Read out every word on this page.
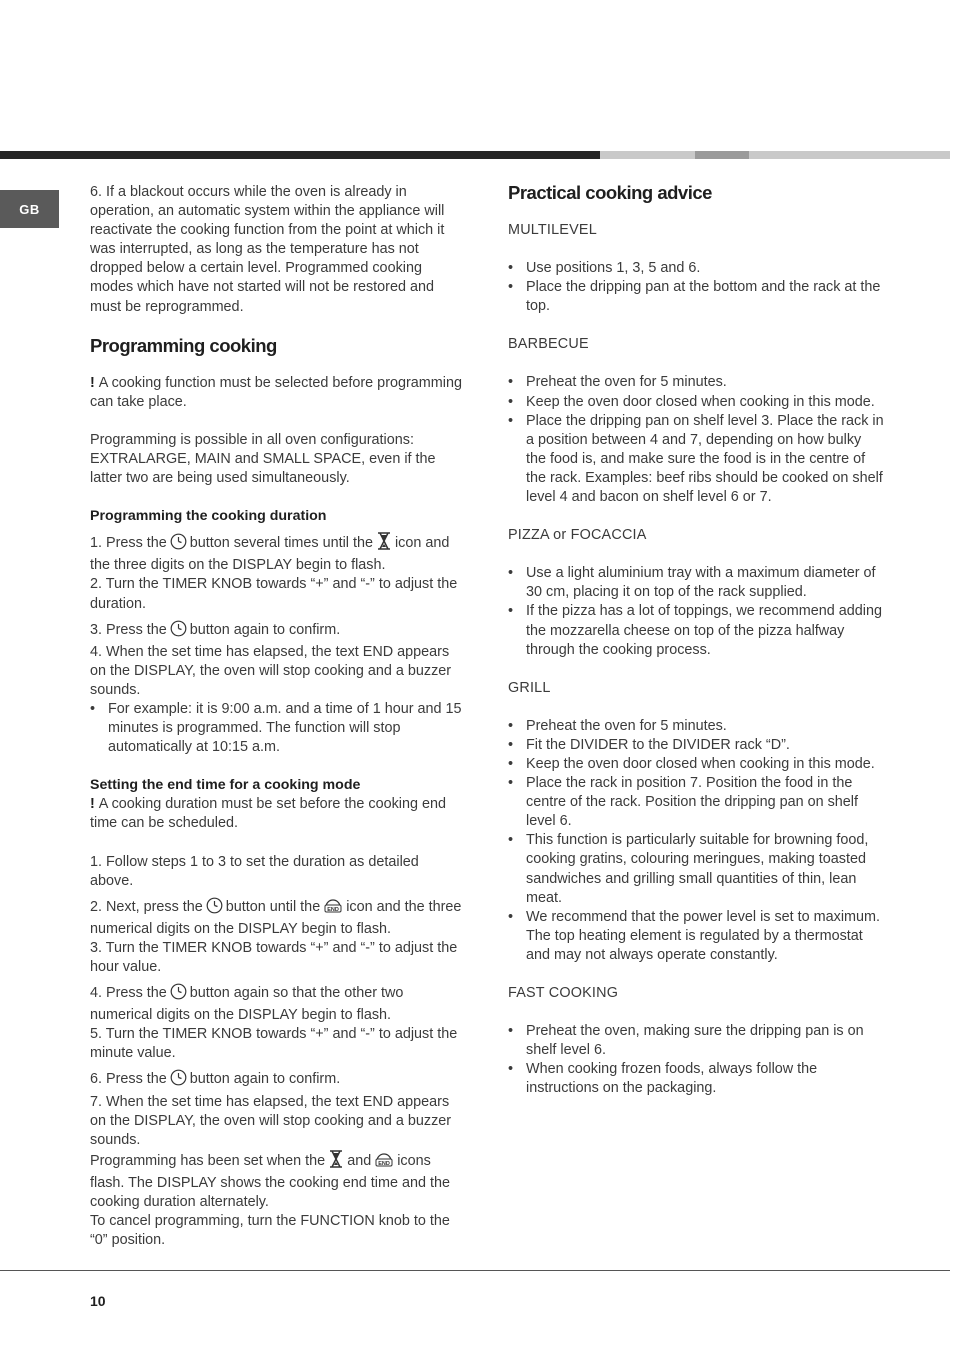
GB

6. If a blackout occurs while the oven is already in operation, an automatic system within the appliance will reactivate the cooking function from the point at which it was interrupted, as long as the temperature has not dropped below a certain level. Programmed cooking modes which have not started will not be restored and must be reprogrammed.

Programming cooking

! A cooking function must be selected before programming can take place.

Programming is possible in all oven configurations: EXTRALARGE, MAIN and SMALL SPACE, even if the latter two are being used simultaneously.

Programming the cooking duration

1. Press the button several times until the icon and the three digits on the DISPLAY begin to flash.

2. Turn the TIMER KNOB towards “+” and “-” to adjust the duration.

3. Press the button again to confirm.

4. When the set time has elapsed, the text END appears on the DISPLAY, the oven will stop cooking and a buzzer sounds.

• For example: it is 9:00 a.m. and a time of 1 hour and 15 minutes is programmed. The function will stop automatically at 10:15 a.m.

Setting the end time for a cooking mode

! A cooking duration must be set before the cooking end time can be scheduled.

1. Follow steps 1 to 3 to set the duration as detailed above.

2. Next, press the button until the END icon and the three numerical digits on the DISPLAY begin to flash.

3. Turn the TIMER KNOB towards “+” and “-” to adjust the hour value.

4. Press the button again so that the other two numerical digits on the DISPLAY begin to flash.

5. Turn the TIMER KNOB towards “+” and “-” to adjust the minute value.

6. Press the button again to confirm.

7. When the set time has elapsed, the text END appears on the DISPLAY, the oven will stop cooking and a buzzer sounds.

Programming has been set when the and END icons flash. The DISPLAY shows the cooking end time and the cooking duration alternately.

To cancel programming, turn the FUNCTION knob to the “0” position.

Practical cooking advice

MULTILEVEL

• Use positions 1, 3, 5 and 6.
• Place the dripping pan at the bottom and the rack at the top.

BARBECUE

• Preheat the oven for 5 minutes.
• Keep the oven door closed when cooking in this mode.
• Place the dripping pan on shelf level 3. Place the rack in a position between 4 and 7, depending on how bulky the food is, and make sure the food is in the centre of the rack. Examples: beef ribs should be cooked on shelf level 4 and bacon on shelf level 6 or 7.

PIZZA or FOCACCIA

• Use a light aluminium tray with a maximum diameter of 30 cm, placing it on top of the rack supplied.
• If the pizza has a lot of toppings, we recommend adding the mozzarella cheese on top of the pizza halfway through the cooking process.

GRILL

• Preheat the oven for 5 minutes.
• Fit the DIVIDER to the DIVIDER rack “D”.
• Keep the oven door closed when cooking in this mode.
• Place the rack in position 7. Position the food in the centre of the rack. Position the dripping pan on shelf level 6.
• This function is particularly suitable for browning food, cooking gratins, colouring meringues, making toasted sandwiches and grilling small quantities of thin, lean meat.
• We recommend that the power level is set to maximum. The top heating element is regulated by a thermostat and may not always operate constantly.

FAST COOKING

• Preheat the oven, making sure the dripping pan is on shelf level 6.
• When cooking frozen foods, always follow the instructions on the packaging.
10
